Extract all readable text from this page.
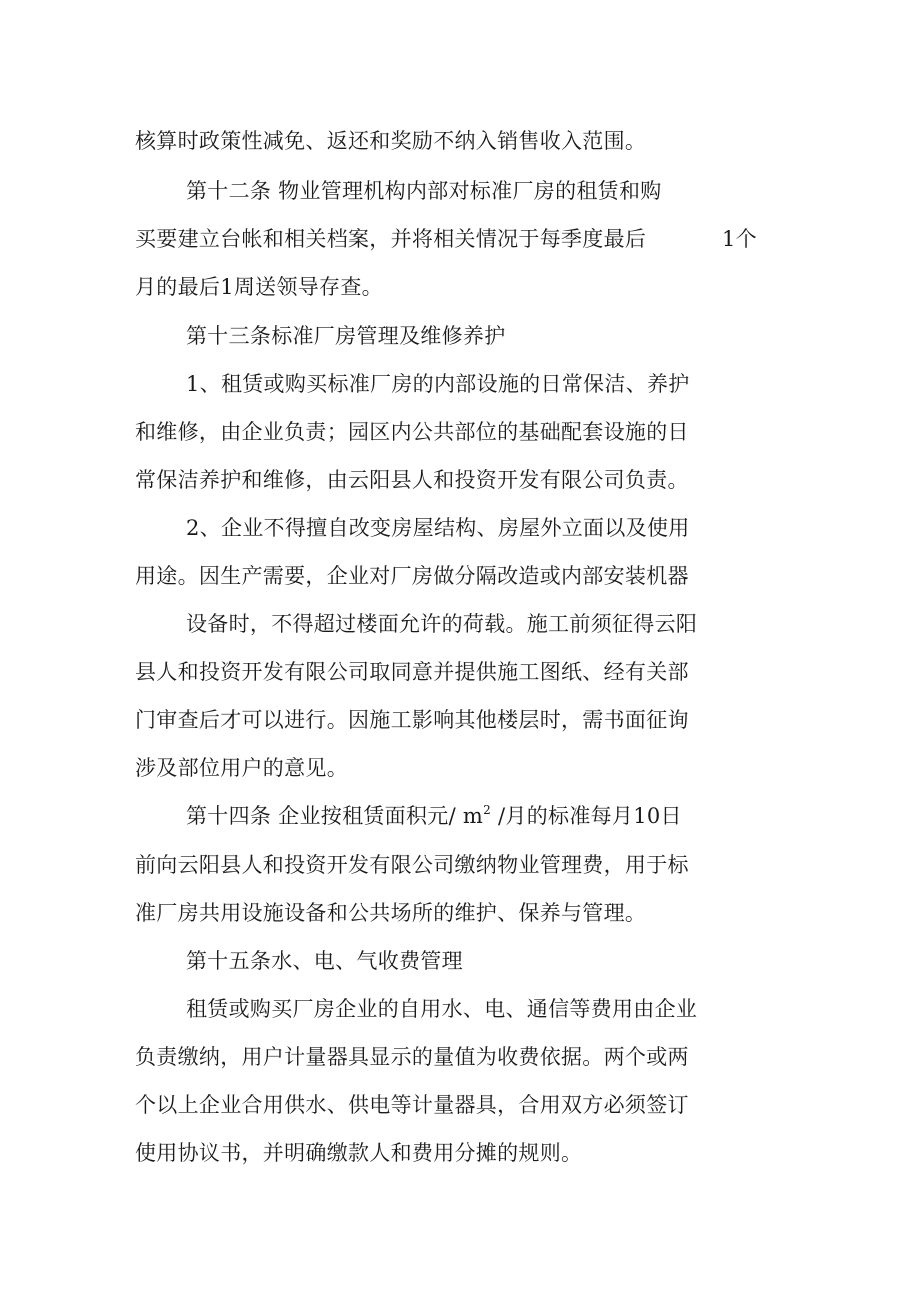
核算时政策性减免、返还和奖励不纳入销售收入范围。
第十二条 物业管理机构内部对标准厂房的租赁和购
买要建立台帐和相关档案，并将相关情况于每季度最后	1个
月的最后1周送领导存查。
第十三条标准厂房管理及维修养护
1、租赁或购买标准厂房的内部设施的日常保洁、养护
和维修，由企业负责；园区内公共部位的基础配套设施的日
常保洁养护和维修，由云阳县人和投资开发有限公司负责。
2、企业不得擅自改变房屋结构、房屋外立面以及使用
用途。因生产需要，企业对厂房做分隔改造或内部安装机器
设备时，不得超过楼面允许的荷载。施工前须征得云阳
县人和投资开发有限公司取同意并提供施工图纸、经有关部
门审查后才可以进行。因施工影响其他楼层时，需书面征询
涉及部位用户的意见。
第十四条 企业按租赁面积元/ $m^2$ /月的标准每月10日
前向云阳县人和投资开发有限公司缴纳物业管理费，用于标
准厂房共用设施设备和公共场所的维护、保养与管理。
第十五条水、电、气收费管理
租赁或购买厂房企业的自用水、电、通信等费用由企业
负责缴纳，用户计量器具显示的量值为收费依据。两个或两
个以上企业合用供水、供电等计量器具，合用双方必须签订
使用协议书，并明确缴款人和费用分摊的规则。
